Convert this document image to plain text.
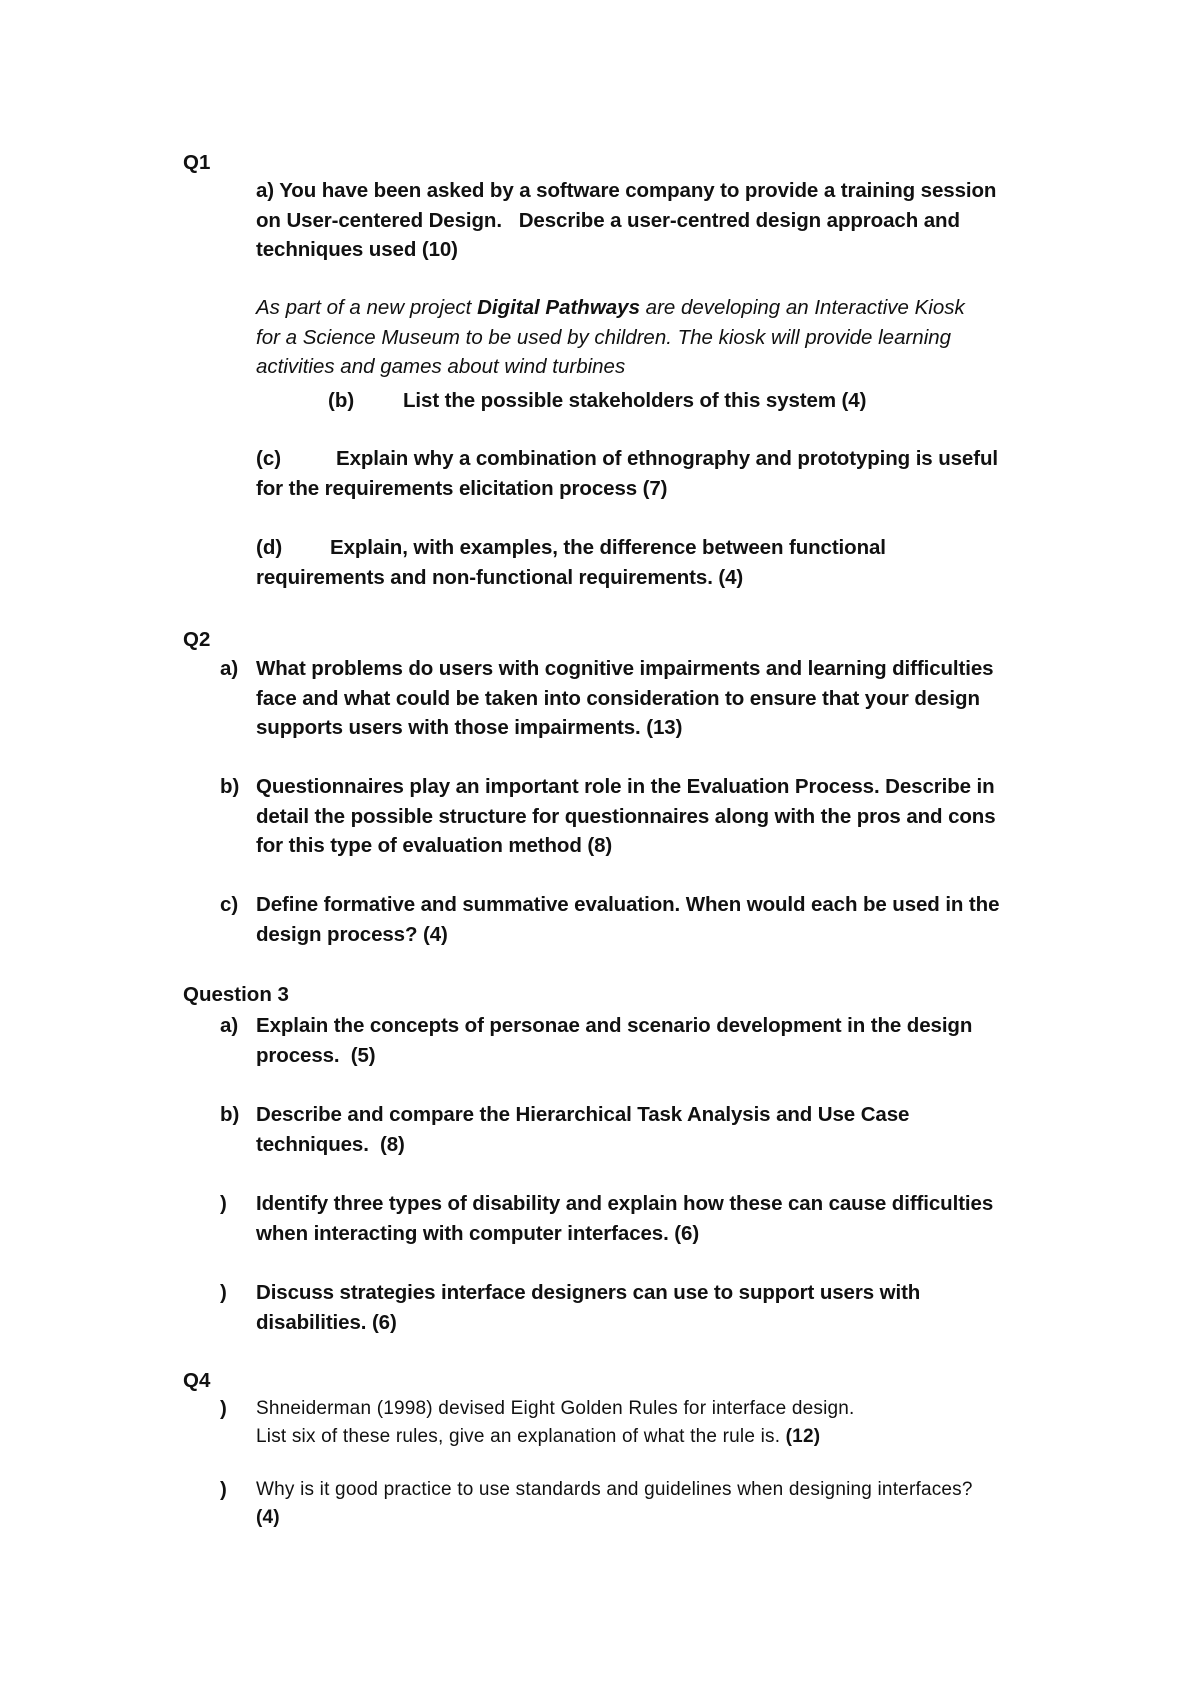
Q1
a) You have been asked by a software company to provide a training session
on User-centered Design.   Describe a user-centred design approach and
techniques used (10)
As part of a new project Digital Pathways are developing an Interactive Kiosk
for a Science Museum to be used by children. The kiosk will provide learning
activities and games about wind turbines
(b) List the possible stakeholders of this system (4)
(c)	Explain why a combination of ethnography and prototyping is useful
for the requirements elicitation process (7)
(d) Explain, with examples, the difference between functional
requirements and non-functional requirements. (4)
Q2
a) What problems do users with cognitive impairments and learning difficulties
face and what could be taken into consideration to ensure that your design
supports users with those impairments. (13)
b) Questionnaires play an important role in the Evaluation Process. Describe in
detail the possible structure for questionnaires along with the pros and cons
for this type of evaluation method (8)
c) Define formative and summative evaluation. When would each be used in the
design process? (4)
Question 3
a) Explain the concepts of personae and scenario development in the design
process.  (5)
b) Describe and compare the Hierarchical Task Analysis and Use Case
techniques.  (8)
) Identify three types of disability and explain how these can cause difficulties
when interacting with computer interfaces. (6)
) Discuss strategies interface designers can use to support users with
disabilities. (6)
Q4
) Shneiderman (1998) devised Eight Golden Rules for interface design.
List six of these rules, give an explanation of what the rule is. (12)
) Why is it good practice to use standards and guidelines when designing interfaces?
(4)
